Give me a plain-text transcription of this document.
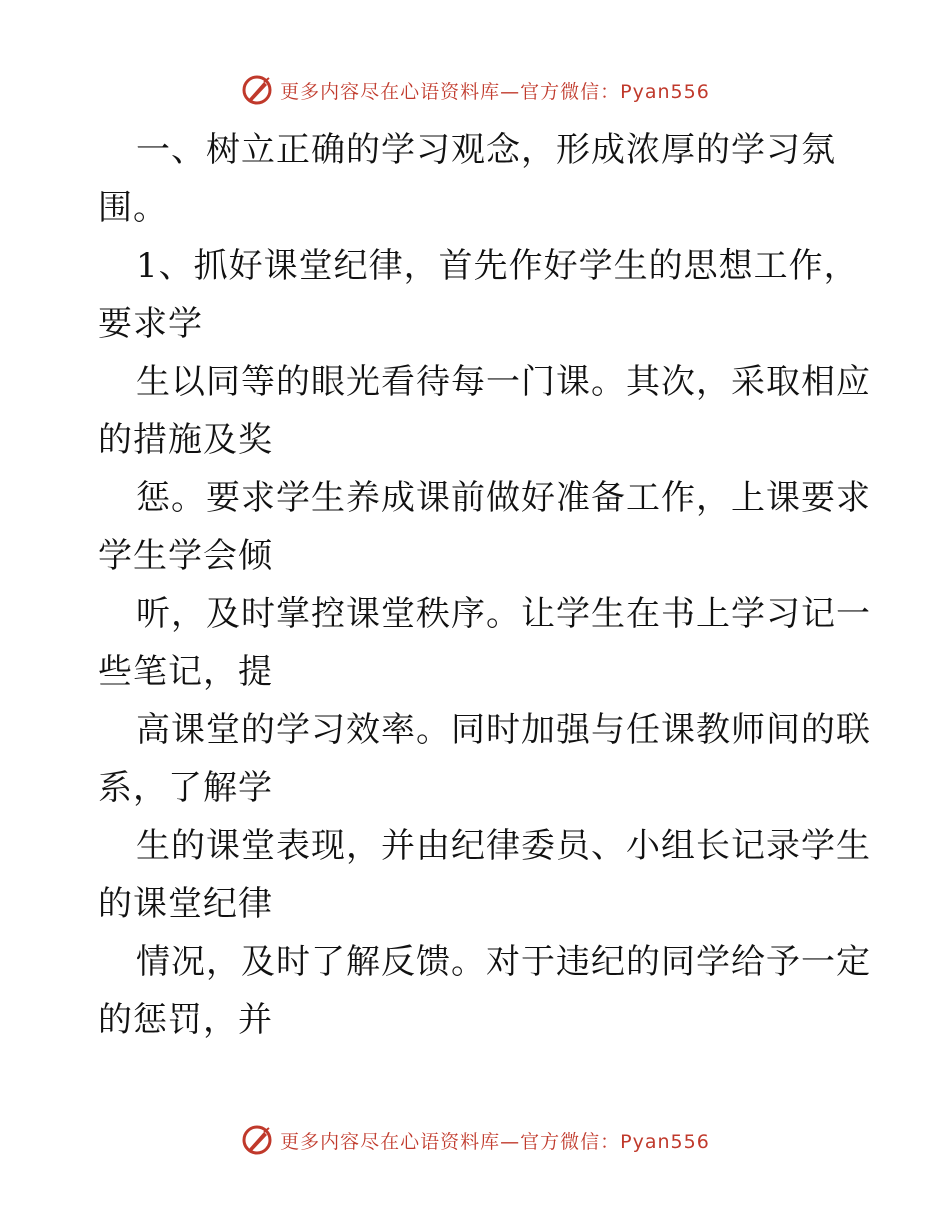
更多内容尽在心语资料库—官方微信：Pyan556
一、树立正确的学习观念，形成浓厚的学习氛
围。
1、抓好课堂纪律，首先作好学生的思想工作，
要求学
生以同等的眼光看待每一门课。其次，采取相应
的措施及奖
惩。要求学生养成课前做好准备工作，上课要求
学生学会倾
听，及时掌控课堂秩序。让学生在书上学习记一
些笔记，提
高课堂的学习效率。同时加强与任课教师间的联
系，了解学
生的课堂表现，并由纪律委员、小组长记录学生
的课堂纪律
情况，及时了解反馈。对于违纪的同学给予一定
的惩罚，并
更多内容尽在心语资料库—官方微信：Pyan556
